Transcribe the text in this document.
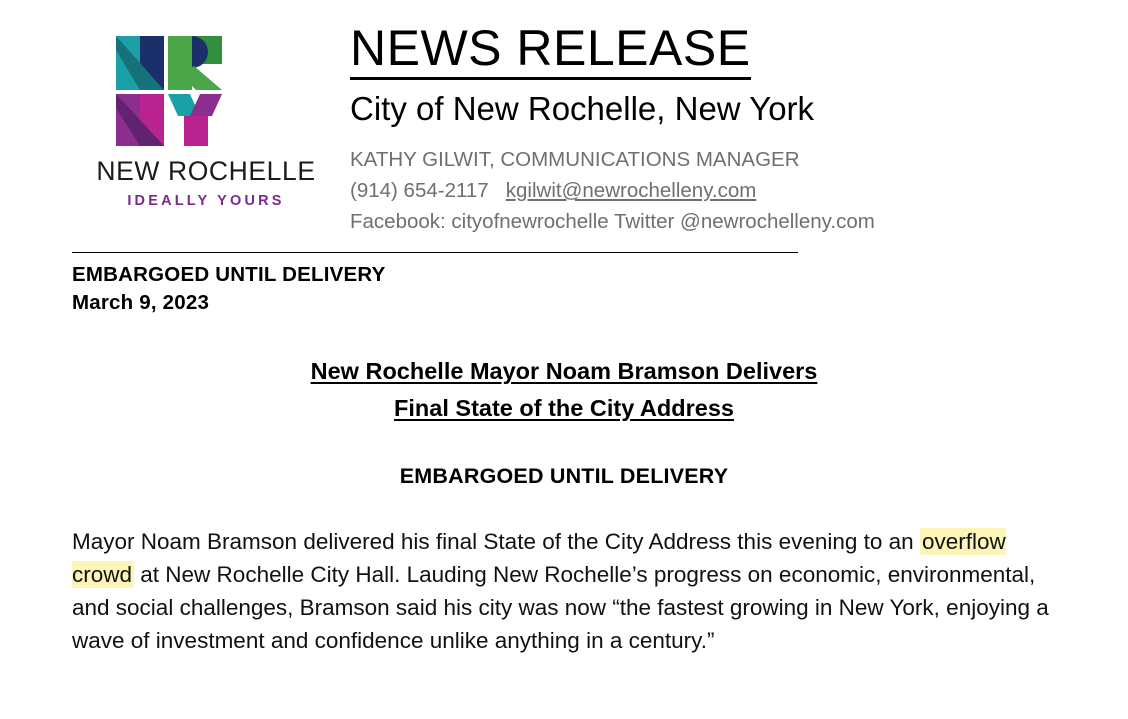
NEW ROCHELLE
IDEALLY YOURS
NEWS RELEASE
City of New Rochelle, New York
KATHY GILWIT, COMMUNICATIONS MANAGER
(914) 654-2117 kgilwit@newrochelleny.com
Facebook: cityofnewrochelle Twitter @newrochelleny.com
EMBARGOED UNTIL DELIVERY
March 9, 2023
New Rochelle Mayor Noam Bramson Delivers
Final State of the City Address
EMBARGOED UNTIL DELIVERY

Mayor Noam Bramson delivered his final State of the City Address this evening to an overflow crowd at New Rochelle City Hall. Lauding New Rochelle’s progress on economic, environmental, and social challenges, Bramson said his city was now “the fastest growing in New York, enjoying a wave of investment and confidence unlike anything in a century.”
